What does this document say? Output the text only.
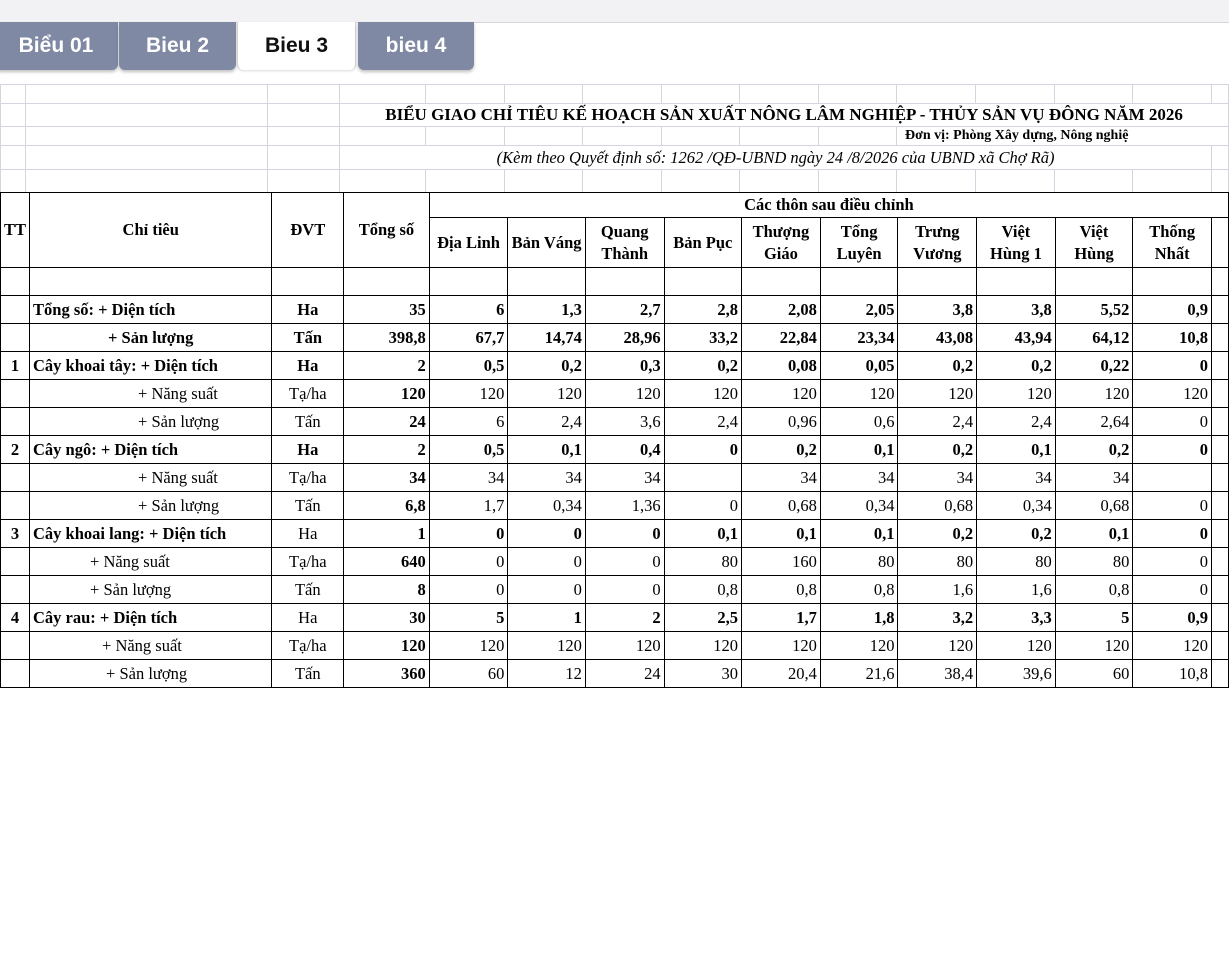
Biểu 01	Bieu 2	Bieu 3	bieu 4

			BIỂU GIAO CHỈ TIÊU KẾ HOẠCH SẢN XUẤT NÔNG LÂM NGHIỆP - THỦY SẢN VỤ ĐÔNG NĂM 2026											
										Đơn vị: Phòng Xây dựng, Nông nghiệ				
			(Kèm theo Quyết định số: 1262 /QĐ-UBND ngày 24 /8/2026 của UBND xã Chợ Rã)											

TT	Chỉ tiêu	ĐVT	Tổng số	Các thôn sau điều chỉnh										
				Địa Linh	Bản Váng	Quang Thành	Bản Pục	Thượng Giáo	Tổng Luyên	Trưng Vương	Việt Hùng 1	Việt Hùng	Thống Nhất	

	Tổng số: + Diện tích	Ha	35	6	1,3	2,7	2,8	2,08	2,05	3,8	3,8	5,52	0,9	
	+ Sản lượng	Tấn	398,8	67,7	14,74	28,96	33,2	22,84	23,34	43,08	43,94	64,12	10,8	
1	Cây khoai tây: + Diện tích	Ha	2	0,5	0,2	0,3	0,2	0,08	0,05	0,2	0,2	0,22	0	
	+ Năng suất	Tạ/ha	120	120	120	120	120	120	120	120	120	120	120	
	+ Sản lượng	Tấn	24	6	2,4	3,6	2,4	0,96	0,6	2,4	2,4	2,64	0	
2	Cây ngô: + Diện tích	Ha	2	0,5	0,1	0,4	0	0,2	0,1	0,2	0,1	0,2	0	
	+ Năng suất	Tạ/ha	34	34	34	34		34	34	34	34	34		
	+ Sản lượng	Tấn	6,8	1,7	0,34	1,36	0	0,68	0,34	0,68	0,34	0,68	0	
3	Cây khoai lang: + Diện tích	Ha	1	0	0	0	0,1	0,1	0,1	0,2	0,2	0,1	0	
	+ Năng suất	Tạ/ha	640	0	0	0	80	160	80	80	80	80	0	
	+ Sản lượng	Tấn	8	0	0	0	0,8	0,8	0,8	1,6	1,6	0,8	0	
4	Cây rau: + Diện tích	Ha	30	5	1	2	2,5	1,7	1,8	3,2	3,3	5	0,9	
	+ Năng suất	Tạ/ha	120	120	120	120	120	120	120	120	120	120	120	
	+ Sản lượng	Tấn	360	60	12	24	30	20,4	21,6	38,4	39,6	60	10,8	
